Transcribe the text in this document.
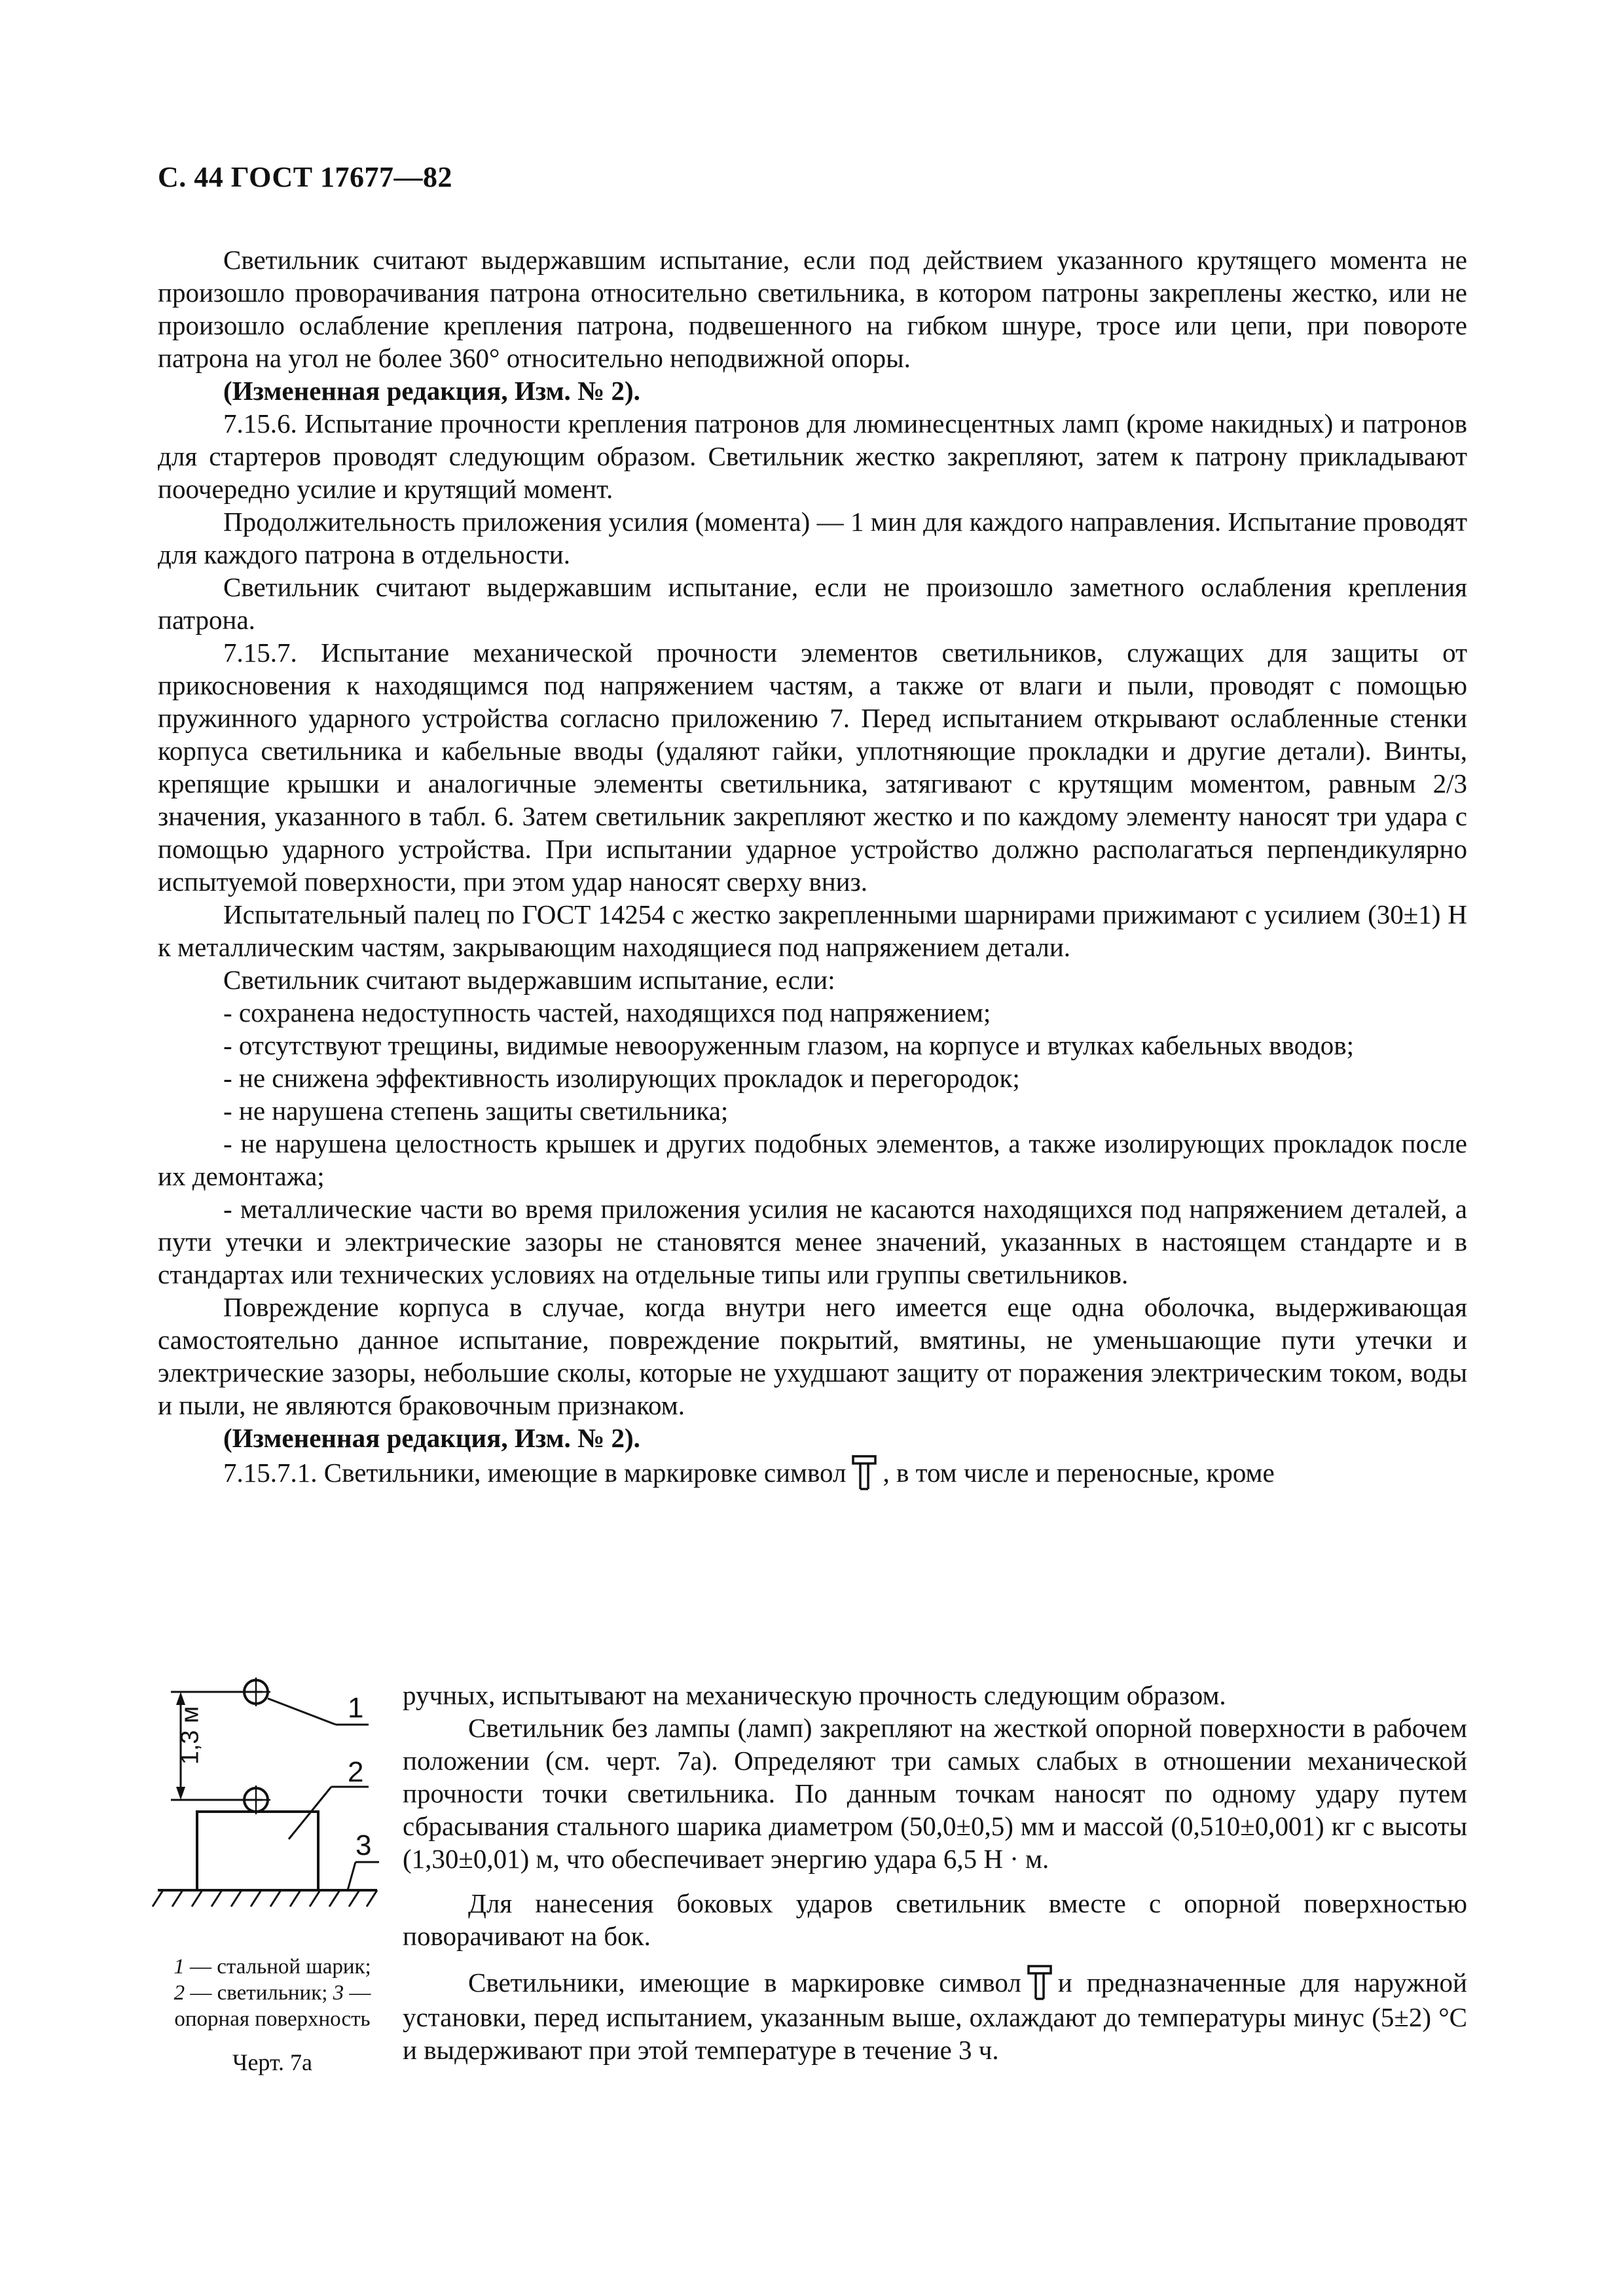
С. 44 ГОСТ 17677—82

Светильник считают выдержавшим испытание, если под действием указанного крутящего момента не произошло проворачивания патрона относительно светильника, в котором патроны закреплены жестко, или не произошло ослабление крепления патрона, подвешенного на гибком шнуре, тросе или цепи, при повороте патрона на угол не более 360° относительно неподвижной опоры.

(Измененная редакция, Изм. № 2).

7.15.6. Испытание прочности крепления патронов для люминесцентных ламп (кроме накидных) и патронов для стартеров проводят следующим образом. Светильник жестко закрепляют, затем к патрону прикладывают поочередно усилие и крутящий момент.

Продолжительность приложения усилия (момента) — 1 мин для каждого направления. Испытание проводят для каждого патрона в отдельности.

Светильник считают выдержавшим испытание, если не произошло заметного ослабления крепления патрона.

7.15.7. Испытание механической прочности элементов светильников, служащих для защиты от прикосновения к находящимся под напряжением частям, а также от влаги и пыли, проводят с помощью пружинного ударного устройства согласно приложению 7. Перед испытанием открывают ослабленные стенки корпуса светильника и кабельные вводы (удаляют гайки, уплотняющие прокладки и другие детали). Винты, крепящие крышки и аналогичные элементы светильника, затягивают с крутящим моментом, равным 2/3 значения, указанного в табл. 6. Затем светильник закрепляют жестко и по каждому элементу наносят три удара с помощью ударного устройства. При испытании ударное устройство должно располагаться перпендикулярно испытуемой поверхности, при этом удар наносят сверху вниз.

Испытательный палец по ГОСТ 14254 с жестко закрепленными шарнирами прижимают с усилием (30±1) Н к металлическим частям, закрывающим находящиеся под напряжением детали.

Светильник считают выдержавшим испытание, если:

- сохранена недоступность частей, находящихся под напряжением;

- отсутствуют трещины, видимые невооруженным глазом, на корпусе и втулках кабельных вводов;

- не снижена эффективность изолирующих прокладок и перегородок;

- не нарушена степень защиты светильника;

- не нарушена целостность крышек и других подобных элементов, а также изолирующих прокладок после их демонтажа;

- металлические части во время приложения усилия не касаются находящихся под напряжением деталей, а пути утечки и электрические зазоры не становятся менее значений, указанных в настоящем стандарте и в стандартах или технических условиях на отдельные типы или группы светильников.

Повреждение корпуса в случае, когда внутри него имеется еще одна оболочка, выдерживающая самостоятельно данное испытание, повреждение покрытий, вмятины, не уменьшающие пути утечки и электрические зазоры, небольшие сколы, которые не ухудшают защиту от поражения электрическим током, воды и пыли, не являются браковочным признаком.

(Измененная редакция, Изм. № 2).

7.15.7.1. Светильники, имеющие в маркировке символ , в том числе и переносные, кроме

1,3 м	1
2
3
1 — стальной шарик;
2 — светильник; 3 — опорная поверхность
Черт. 7а

ручных, испытывают на механическую прочность следующим образом.

Светильник без лампы (ламп) закрепляют на жесткой опорной поверхности в рабочем положении (см. черт. 7а). Определяют три самых слабых в отношении механической прочности точки светильника. По данным точкам наносят по одному удару путем сбрасывания стального шарика диаметром (50,0±0,5) мм и массой (0,510±0,001) кг с высоты (1,30±0,01) м, что обеспечивает энергию удара 6,5 Н · м.

Для нанесения боковых ударов светильник вместе с опорной поверхностью поворачивают на бок.

Светильники, имеющие в маркировке символ и предназначенные для наружной установки, перед испытанием, указанным выше, охлаждают до температуры минус (5±2) °С и выдерживают при этой температуре в течение 3 ч.
